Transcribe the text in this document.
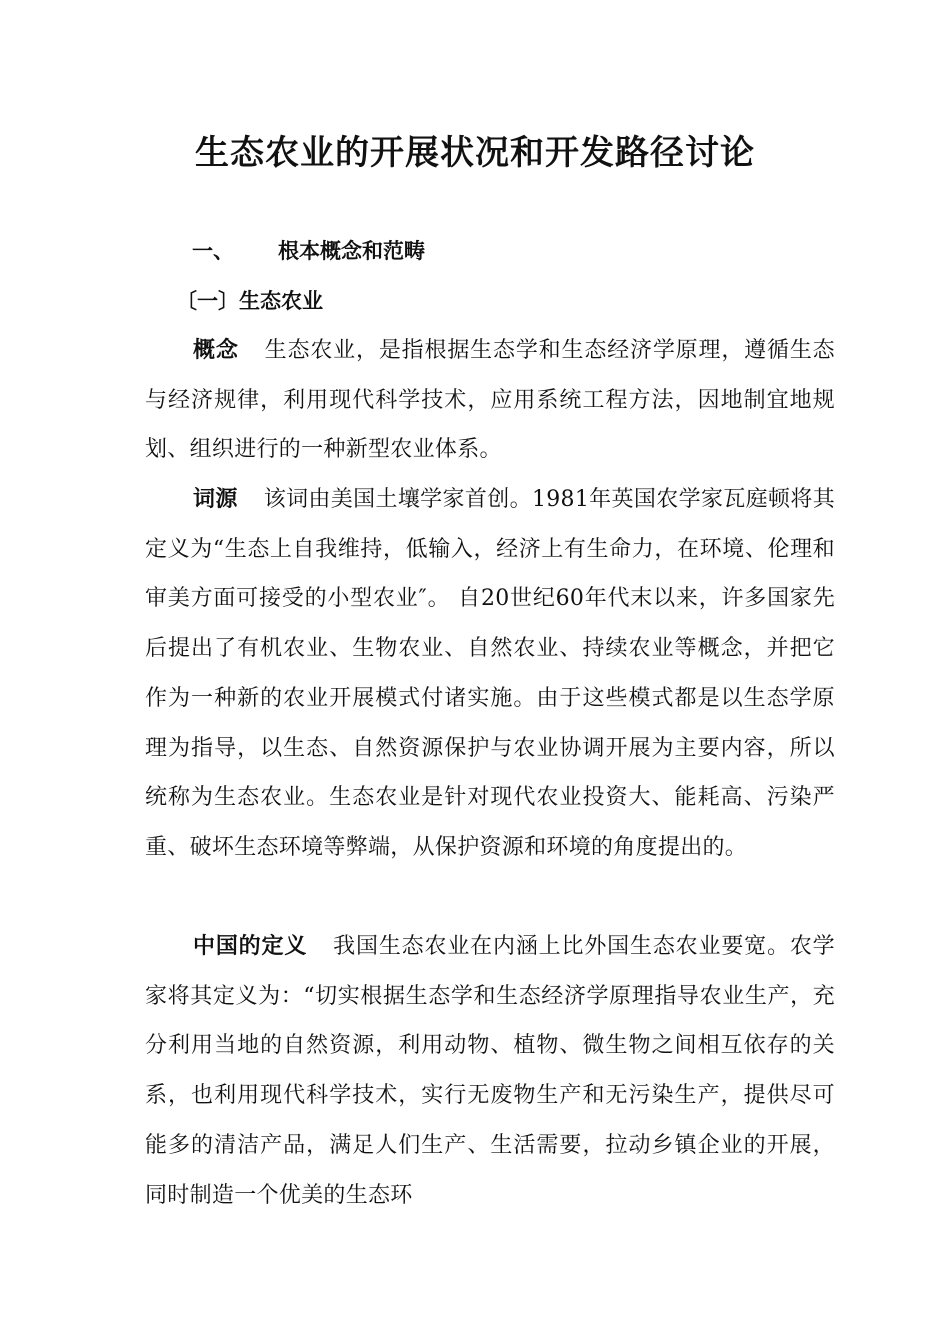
生态农业的开展状况和开发路径讨论
一、 根本概念和范畴
〔一〕生态农业
概念 生态农业，是指根据生态学和生态经济学原理，遵循生态与经济规律，利用现代科学技术，应用系统工程方法，因地制宜地规划、组织进行的一种新型农业体系。
词源 该词由美国土壤学家首创。1981年英国农学家瓦庭顿将其定义为“生态上自我维持，低输入，经济上有生命力，在环境、伦理和审美方面可接受的小型农业″。 自20世纪60年代末以来，许多国家先后提出了有机农业、生物农业、自然农业、持续农业等概念，并把它作为一种新的农业开展模式付诸实施。由于这些模式都是以生态学原理为指导，以生态、自然资源保护与农业协调开展为主要内容，所以统称为生态农业。生态农业是针对现代农业投资大、能耗高、污染严重、破坏生态环境等弊端，从保护资源和环境的角度提出的。
中国的定义 我国生态农业在内涵上比外国生态农业要宽。农学家将其定义为：“切实根据生态学和生态经济学原理指导农业生产，充分利用当地的自然资源，利用动物、植物、微生物之间相互依存的关系，也利用现代科学技术，实行无废物生产和无污染生产，提供尽可能多的清洁产品，满足人们生产、生活需要，拉动乡镇企业的开展，同时制造一个优美的生态环
